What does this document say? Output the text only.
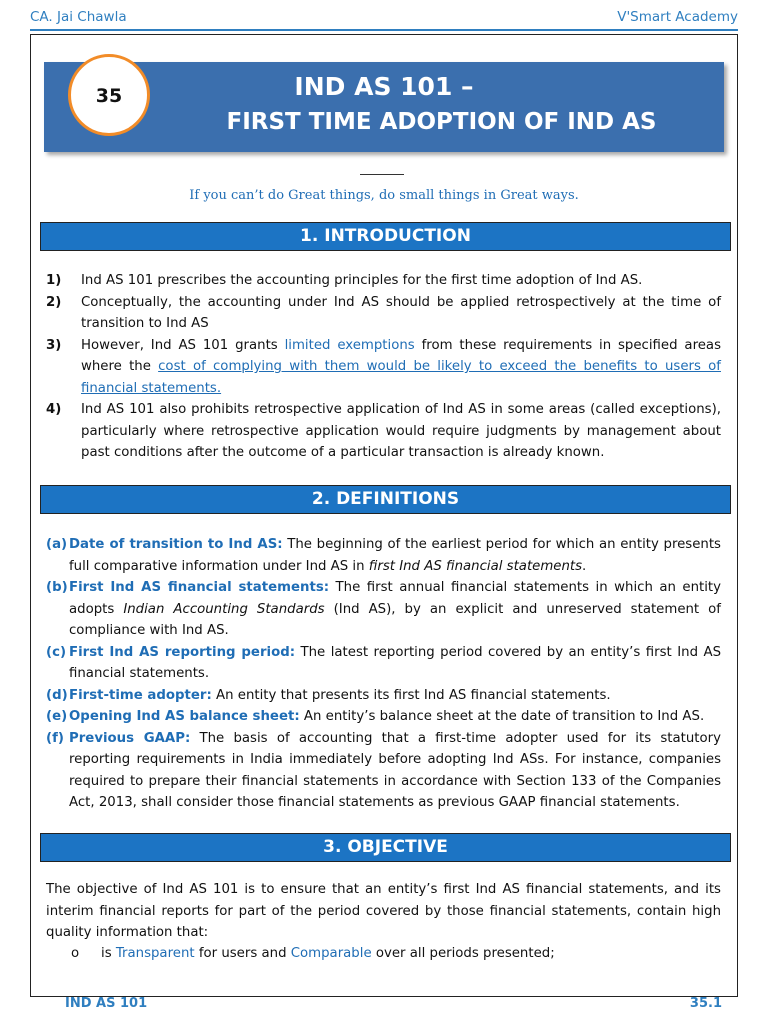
CA. Jai Chawla	V'Smart Academy
IND AS 101 –
FIRST TIME ADOPTION OF IND AS
35
If you can’t do Great things, do small things in Great ways.
1. INTRODUCTION
1) Ind AS 101 prescribes the accounting principles for the first time adoption of Ind AS.
2) Conceptually, the accounting under Ind AS should be applied retrospectively at the time of transition to Ind AS
3) However, Ind AS 101 grants limited exemptions from these requirements in specified areas where the cost of complying with them would be likely to exceed the benefits to users of financial statements.
4) Ind AS 101 also prohibits retrospective application of Ind AS in some areas (called exceptions), particularly where retrospective application would require judgments by management about past conditions after the outcome of a particular transaction is already known.
2. DEFINITIONS
(a) Date of transition to Ind AS: The beginning of the earliest period for which an entity presents full comparative information under Ind AS in first Ind AS financial statements.
(b) First Ind AS financial statements: The first annual financial statements in which an entity adopts Indian Accounting Standards (Ind AS), by an explicit and unreserved statement of compliance with Ind AS.
(c) First Ind AS reporting period: The latest reporting period covered by an entity’s first Ind AS financial statements.
(d) First-time adopter: An entity that presents its first Ind AS financial statements.
(e) Opening Ind AS balance sheet: An entity’s balance sheet at the date of transition to Ind AS.
(f) Previous GAAP: The basis of accounting that a first-time adopter used for its statutory reporting requirements in India immediately before adopting Ind ASs. For instance, companies required to prepare their financial statements in accordance with Section 133 of the Companies Act, 2013, shall consider those financial statements as previous GAAP financial statements.
3. OBJECTIVE
The objective of Ind AS 101 is to ensure that an entity’s first Ind AS financial statements, and its interim financial reports for part of the period covered by those financial statements, contain high quality information that:
o is Transparent for users and Comparable over all periods presented;
IND AS 101	35.1
